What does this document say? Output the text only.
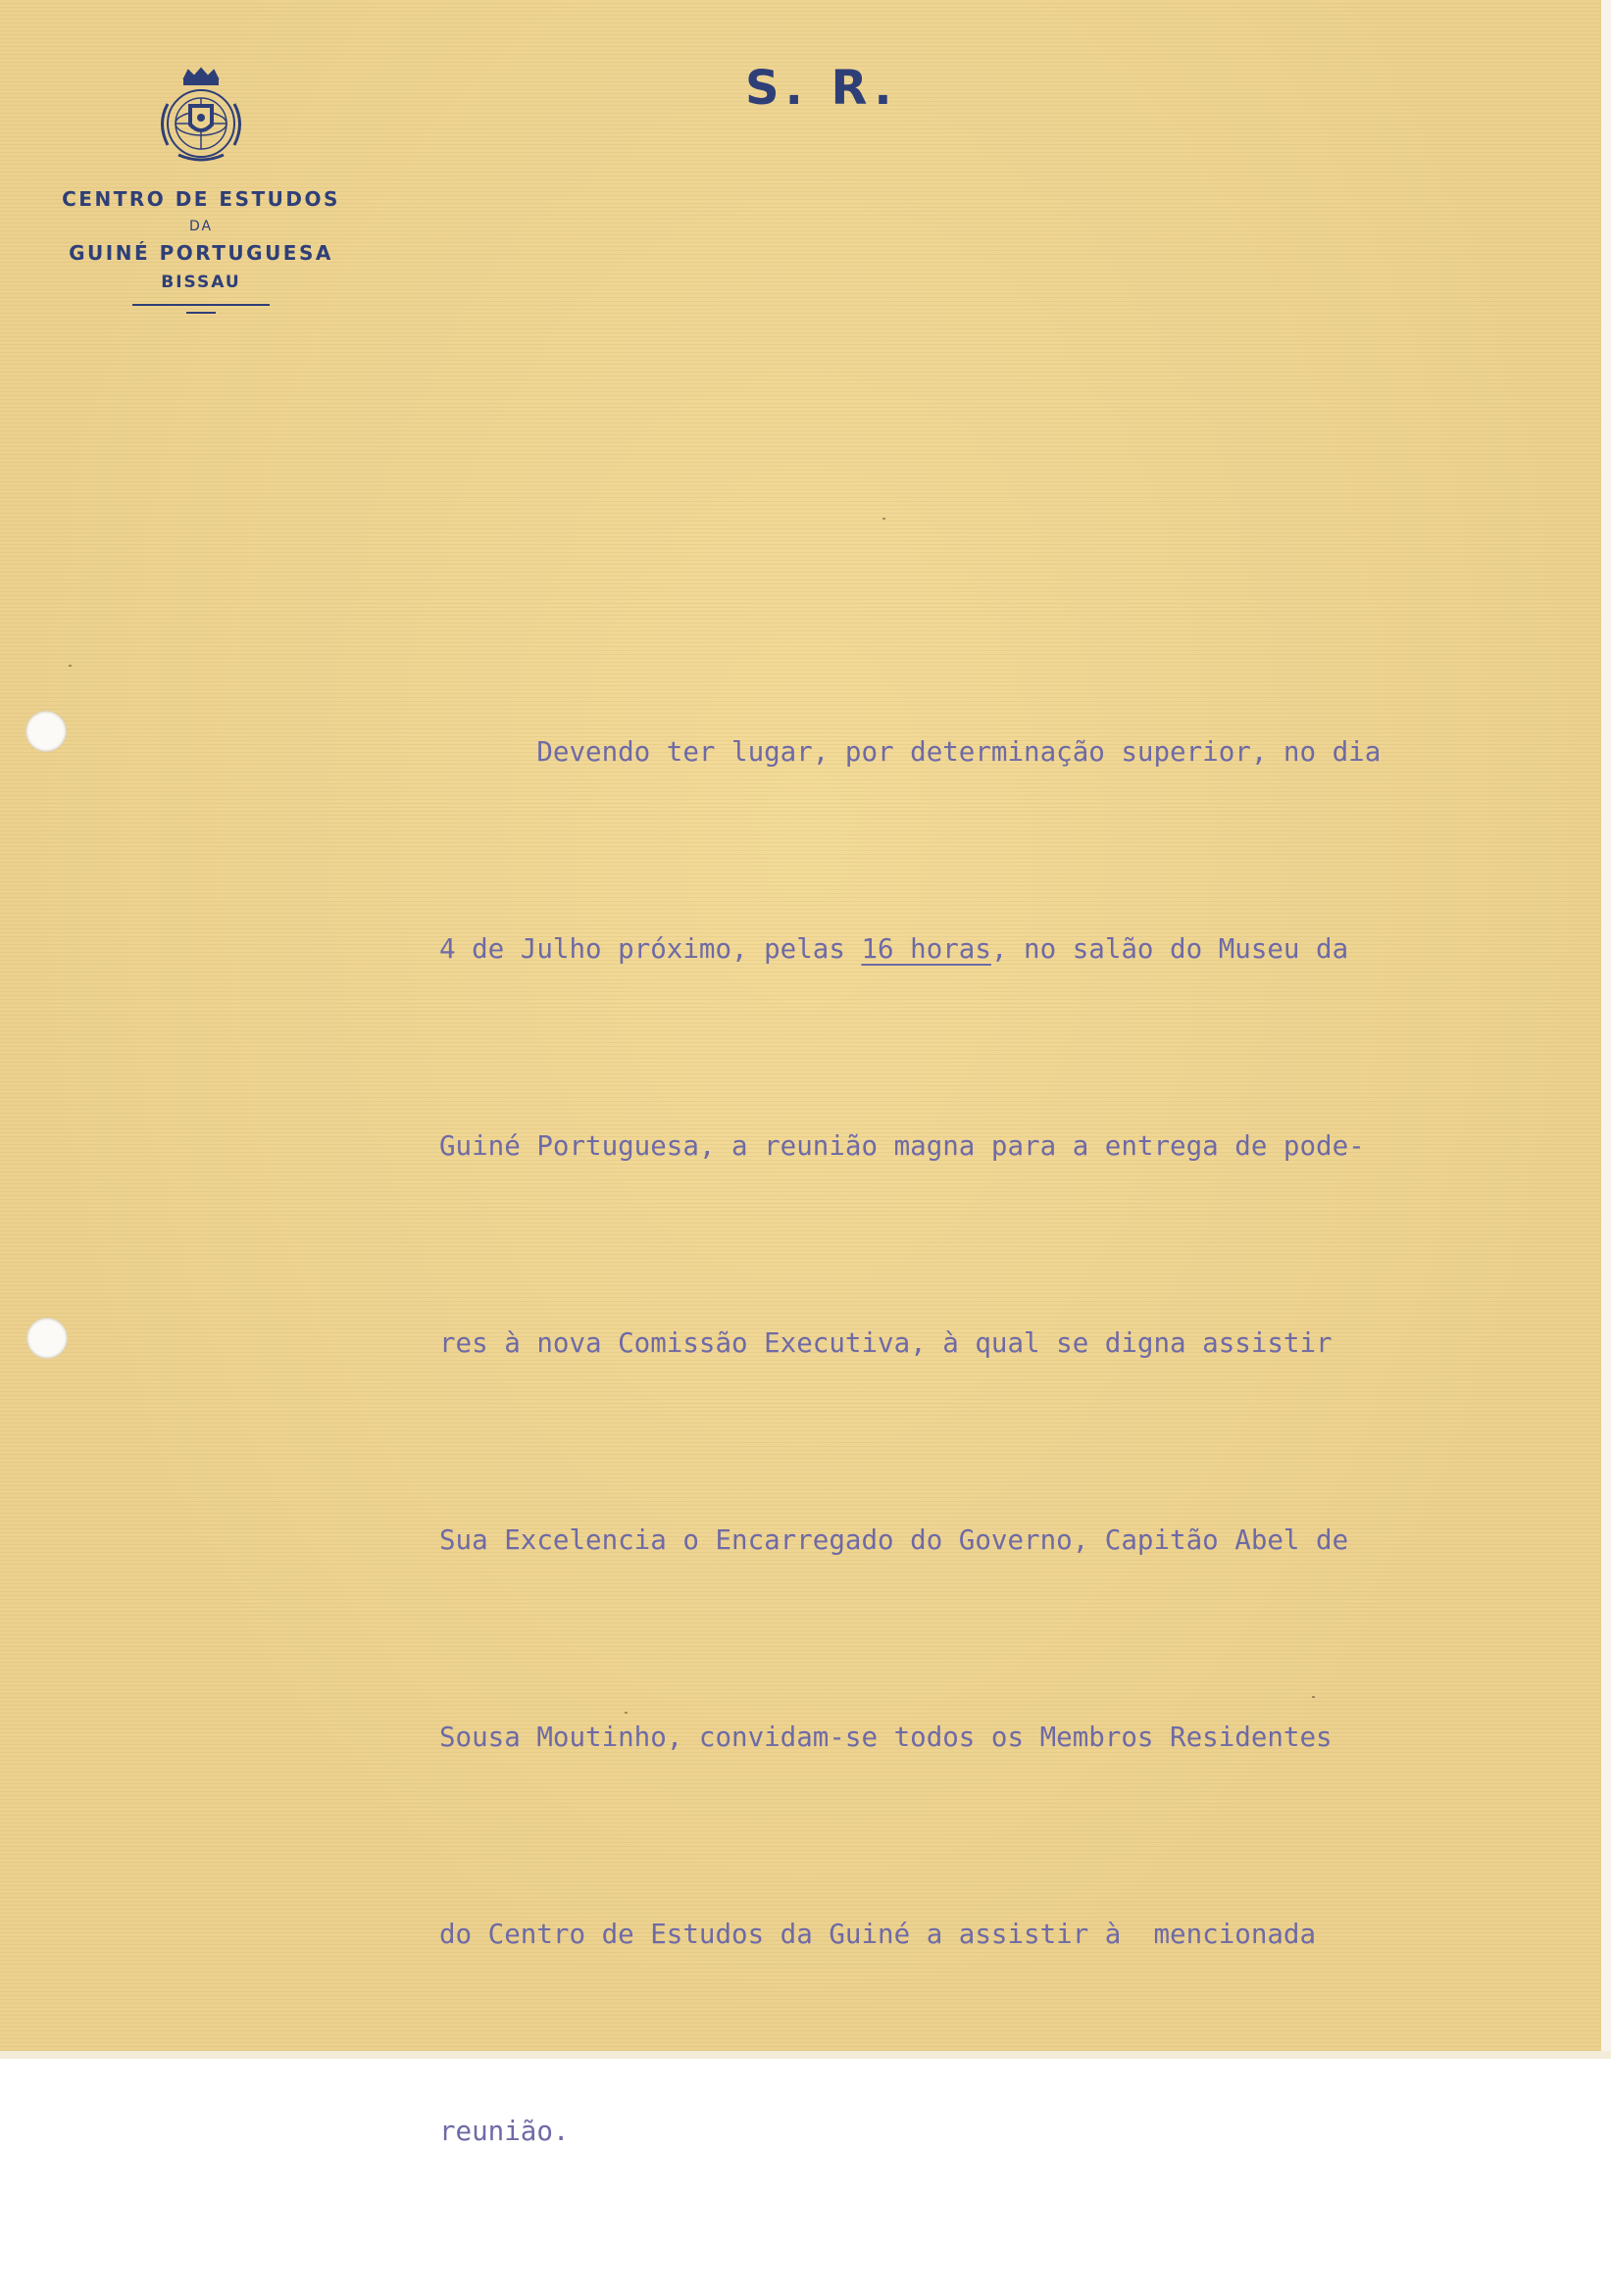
CENTRO DE ESTUDOS
DA
GUINÉ PORTUGUESA
BISSAU
S. R.

Devendo ter lugar, por determinação superior, no dia

4 de Julho próximo, pelas 16 horas, no salão do Museu da

Guiné Portuguesa, a reunião magna para a entrega de pode-

res à nova Comissão Executiva, à qual se digna assistir

Sua Excelencia o Encarregado do Governo, Capitão Abel de

Sousa Moutinho, convidam-se todos os Membros Residentes

do Centro de Estudos da Guiné a assistir à  mencionada

reunião.
